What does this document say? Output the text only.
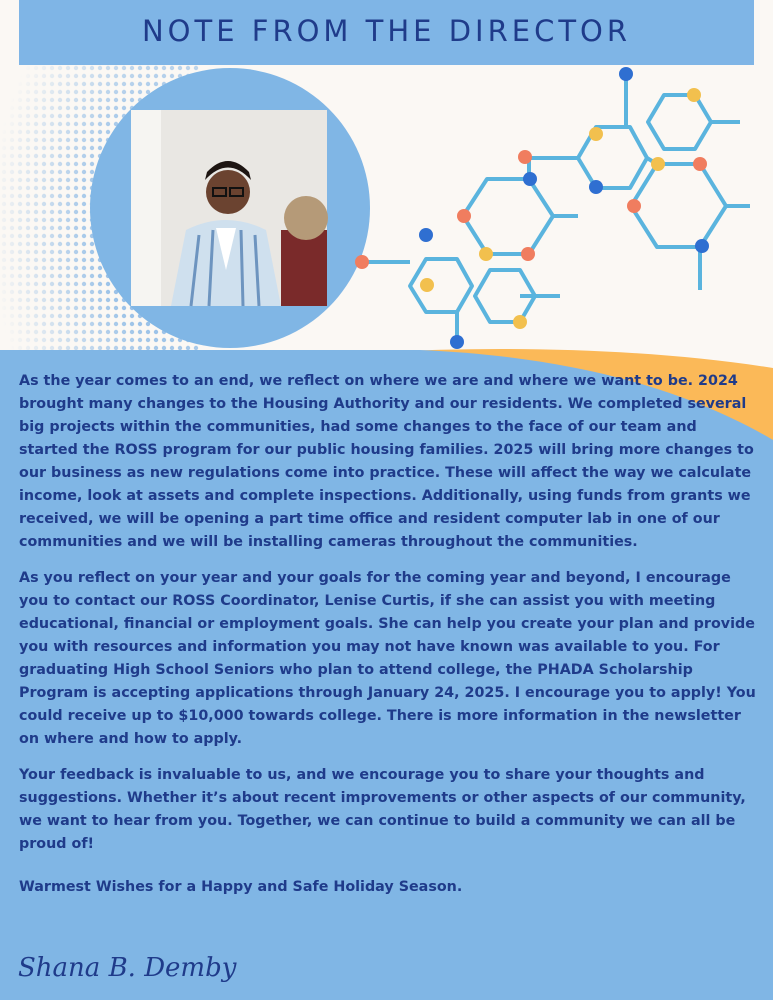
NOTE FROM THE DIRECTOR

As the year comes to an end, we reflect on where we are and where we want to be. 2024 brought many changes to the Housing Authority and our residents. We completed several big projects within the communities, had some changes to the face of our team and started the ROSS program for our public housing families. 2025 will bring more changes to our business as new regulations come into practice. These will affect the way we calculate income, look at assets and complete inspections. Additionally, using funds from grants we received, we will be opening a part time office and resident computer lab in one of our communities and we will be installing cameras throughout the communities.

As you reflect on your year and your goals for the coming year and beyond, I encourage you to contact our ROSS Coordinator, Lenise Curtis, if she can assist you with meeting educational, financial or employment goals. She can help you create your plan and provide you with resources and information you may not have known was available to you. For graduating High School Seniors who plan to attend college, the PHADA Scholarship Program is accepting applications through January 24, 2025. I encourage you to apply! You could receive up to $10,000 towards college. There is more information in the newsletter on where and how to apply.

Your feedback is invaluable to us, and we encourage you to share your thoughts and suggestions. Whether it’s about recent improvements or other aspects of our community, we want to hear from you. Together, we can continue to build a community we can all be proud of!

Warmest Wishes for a Happy and Safe Holiday Season.

Shana B. Demby
